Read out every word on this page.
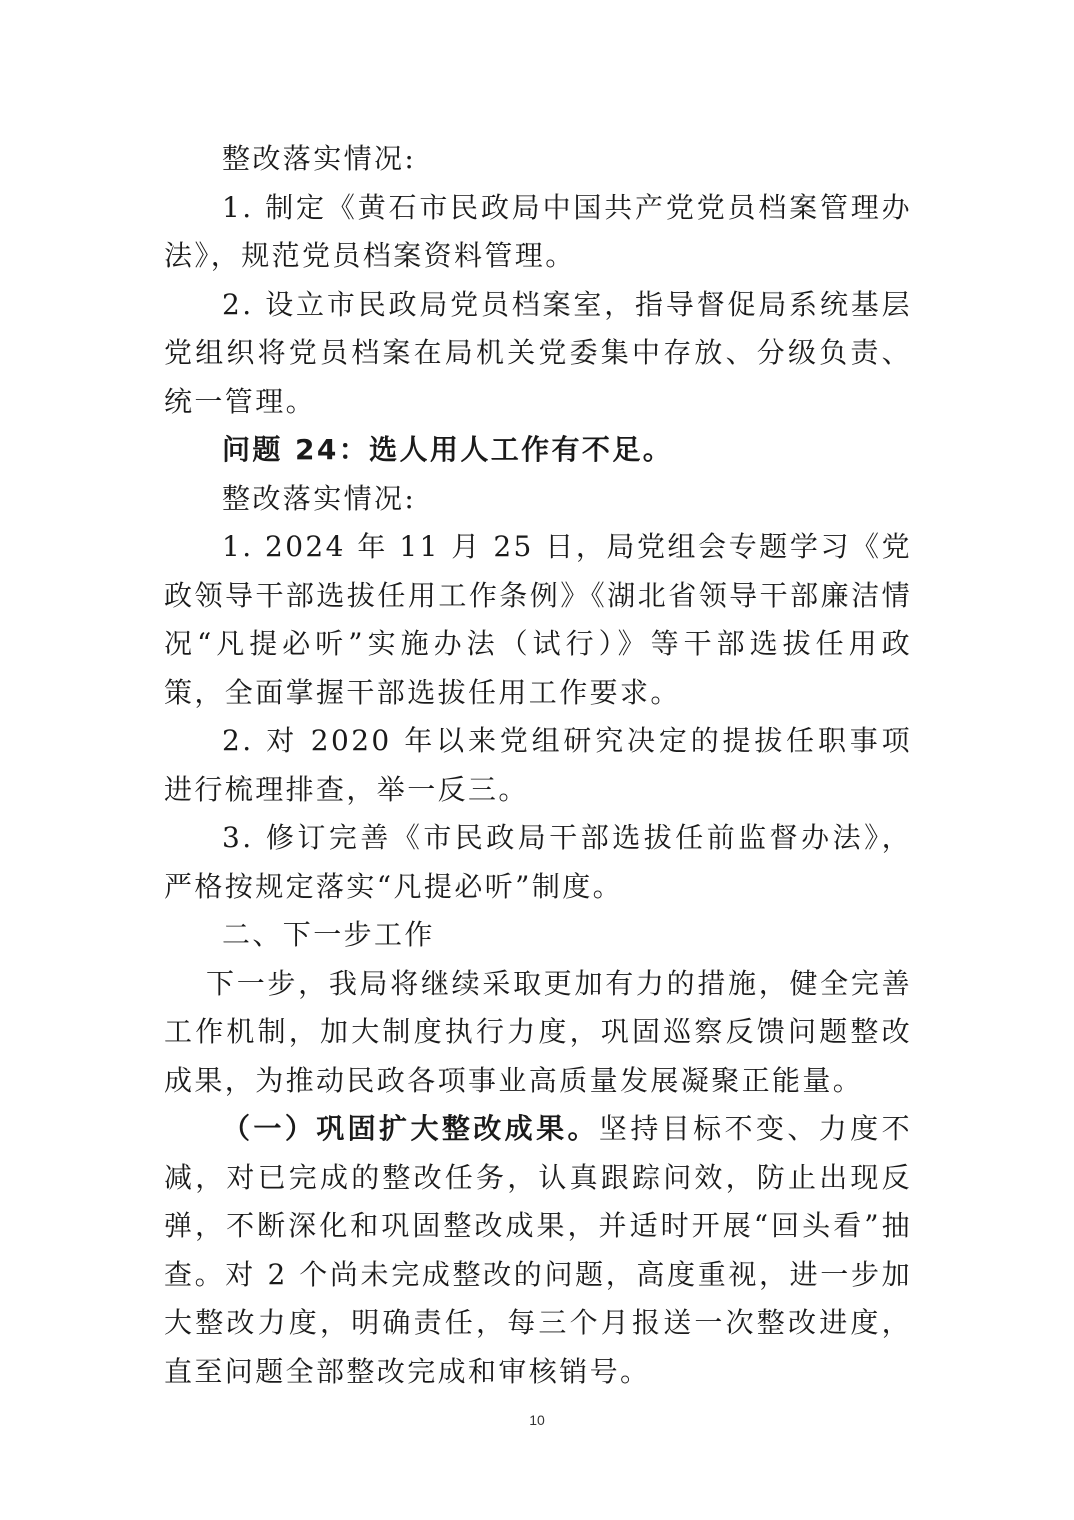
整改落实情况:

1. 制定《黄石市民政局中国共产党党员档案管理办法》，规范党员档案资料管理。

2. 设立市民政局党员档案室，指导督促局系统基层党组织将党员档案在局机关党委集中存放、分级负责、统一管理。

问题 24：选人用人工作有不足。

整改落实情况:

1. 2024 年 11 月 25 日，局党组会专题学习《党政领导干部选拔任用工作条例》《湖北省领导干部廉洁情况“凡提必听”实施办法（试行）》等干部选拔任用政策，全面掌握干部选拔任用工作要求。

2. 对 2020 年以来党组研究决定的提拔任职事项进行梳理排查，举一反三。

3. 修订完善《市民政局干部选拔任前监督办法》，严格按规定落实“凡提必听”制度。

二、下一步工作

下一步，我局将继续采取更加有力的措施，健全完善工作机制，加大制度执行力度，巩固巡察反馈问题整改成果，为推动民政各项事业高质量发展凝聚正能量。

（一）巩固扩大整改成果。坚持目标不变、力度不减，对已完成的整改任务，认真跟踪问效，防止出现反弹，不断深化和巩固整改成果，并适时开展“回头看”抽查。对 2 个尚未完成整改的问题，高度重视，进一步加大整改力度，明确责任，每三个月报送一次整改进度，直至问题全部整改完成和审核销号。

10
